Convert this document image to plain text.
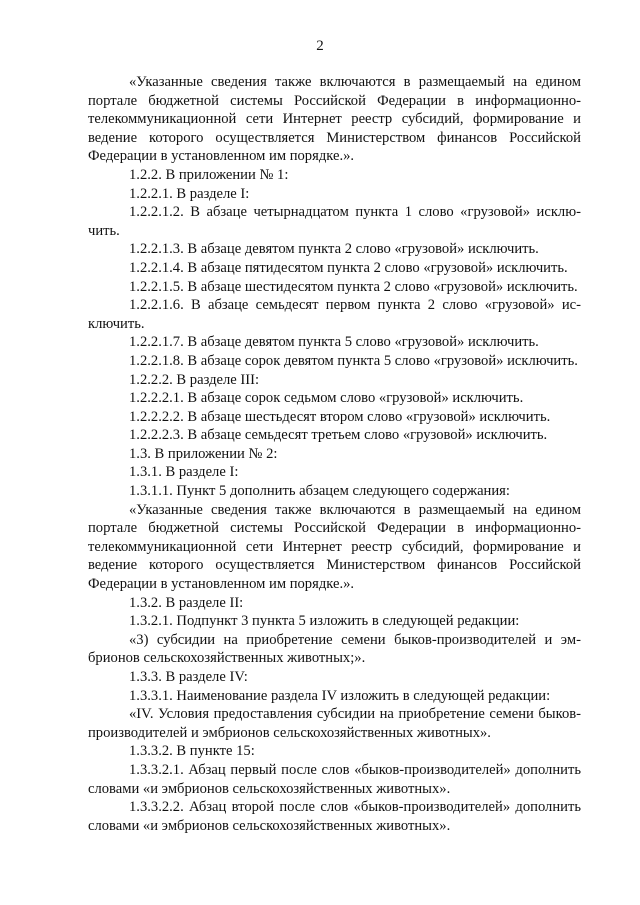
2

«Указанные сведения также включаются в размещаемый на едином портале бюджетной системы Российской Федерации в информационно-телекоммуникационной сети Интернет реестр субсидий, формирование и ведение которого осуществляется Министерством финансов Российской Федерации в установленном им порядке.».

1.2.2. В приложении № 1:

1.2.2.1. В разделе I:

1.2.2.1.2. В абзаце четырнадцатом пункта 1 слово «грузовой» исключить.

1.2.2.1.3. В абзаце девятом пункта 2 слово «грузовой» исключить.

1.2.2.1.4. В абзаце пятидесятом пункта 2 слово «грузовой» исключить.

1.2.2.1.5. В абзаце шестидесятом пункта 2 слово «грузовой» исключить.

1.2.2.1.6. В абзаце семьдесят первом пункта 2 слово «грузовой» исключить.

1.2.2.1.7. В абзаце девятом пункта 5 слово «грузовой» исключить.

1.2.2.1.8. В абзаце сорок девятом пункта 5 слово «грузовой» исключить.

1.2.2.2. В разделе III:

1.2.2.2.1. В абзаце сорок седьмом слово «грузовой» исключить.

1.2.2.2.2. В абзаце шестьдесят втором слово «грузовой» исключить.

1.2.2.2.3. В абзаце семьдесят третьем слово «грузовой» исключить.

1.3. В приложении № 2:

1.3.1. В разделе I:

1.3.1.1. Пункт 5 дополнить абзацем следующего содержания:

«Указанные сведения также включаются в размещаемый на едином портале бюджетной системы Российской Федерации в информационно-телекоммуникационной сети Интернет реестр субсидий, формирование и ведение которого осуществляется Министерством финансов Российской Федерации в установленном им порядке.».

1.3.2. В разделе II:

1.3.2.1. Подпункт 3 пункта 5 изложить в следующей редакции:

«3) субсидии на приобретение семени быков-производителей и эмбрионов сельскохозяйственных животных;».

1.3.3. В разделе IV:

1.3.3.1. Наименование раздела IV изложить в следующей редакции:

«IV. Условия предоставления субсидии на приобретение семени быков-производителей и эмбрионов сельскохозяйственных животных».

1.3.3.2. В пункте 15:

1.3.3.2.1. Абзац первый после слов «быков-производителей» дополнить словами «и эмбрионов сельскохозяйственных животных».

1.3.3.2.2. Абзац второй после слов «быков-производителей» дополнить словами «и эмбрионов сельскохозяйственных животных».
